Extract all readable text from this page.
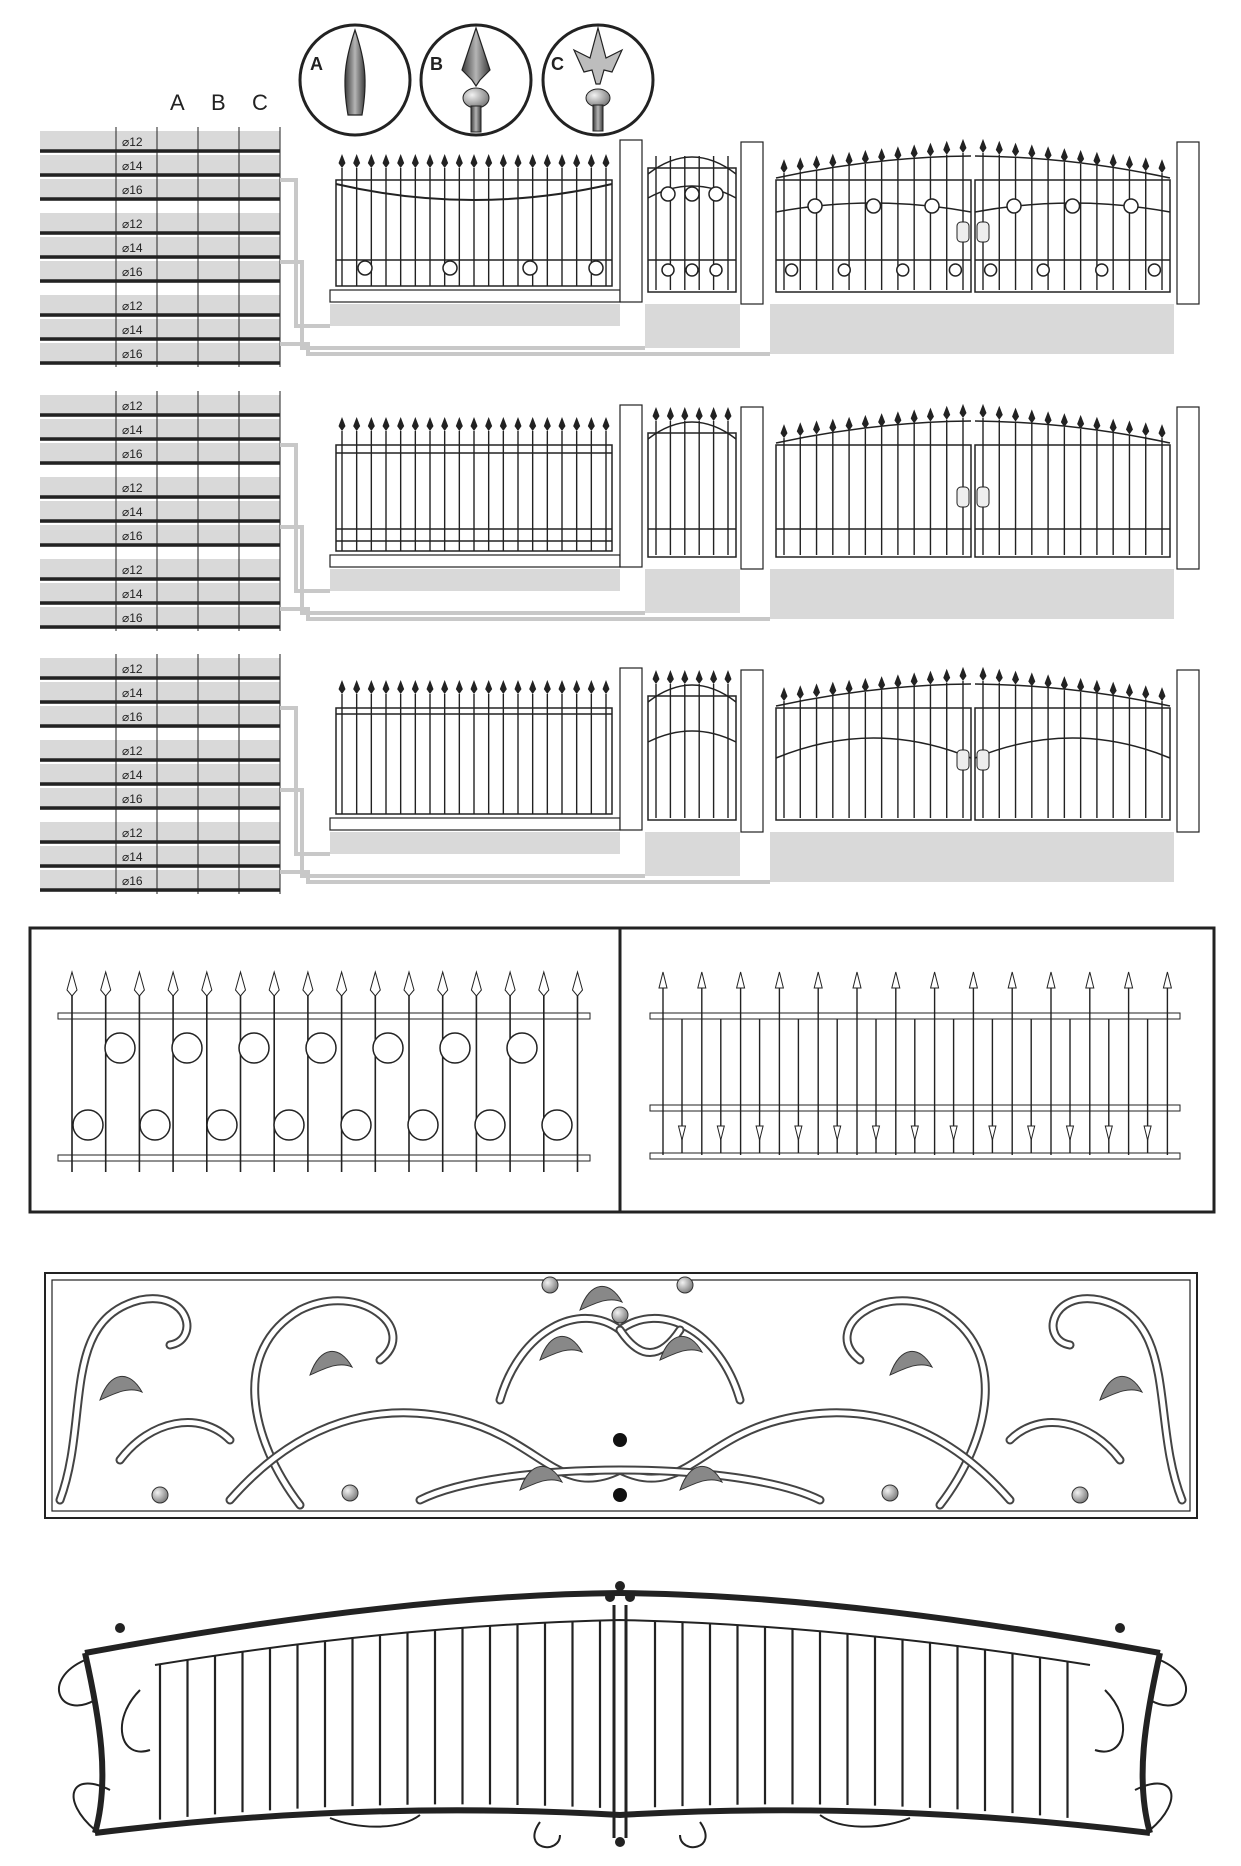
A	B	C
A B C
⌀12
⌀14
⌀16
⌀12
⌀14
⌀16
⌀12
⌀14
⌀16
⌀12
⌀14
⌀16
⌀12
⌀14
⌀16
⌀12
⌀14
⌀16
⌀12
⌀14
⌀16
⌀12
⌀14
⌀16
⌀12
⌀14
⌀16
